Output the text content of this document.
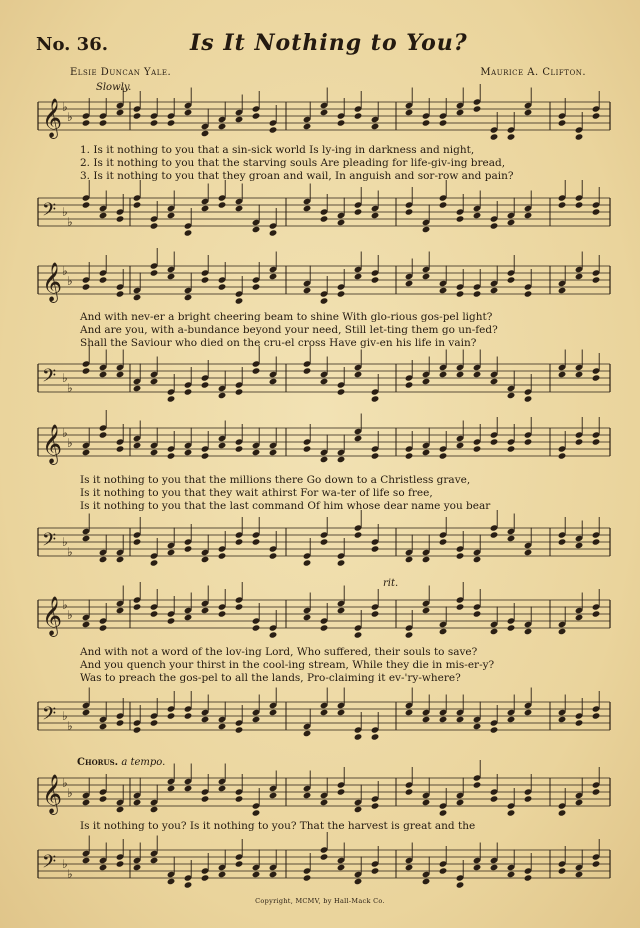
No. 36.	Is It Nothing to You?
Elsie Duncan Yale.	Maurice A. Clifton.
Slowly.
𝄞 ♭
♭
1. Is it nothing to you that a sin-sick world Is ly-ing in darkness and night,
2. Is it nothing to you that the starving souls Are pleading for life-giv-ing bread,
3. Is it nothing to you that they groan and wail, In anguish and sor-row and pain?
𝄢 ♭
♭
𝄞 ♭
♭
And with nev-er a bright cheering beam to shine With glo-rious gos-pel light?
And are you, with a-bundance beyond your need, Still let-ting them go un-fed?
Shall the Saviour who died on the cru-el cross Have giv-en his life in vain?
𝄢 ♭
♭
𝄞 ♭
♭
Is it nothing to you that the millions there Go down to a Christless grave,
Is it nothing to you that they wait athirst For wa-ter of life so free,
Is it nothing to you that the last command Of him whose dear name you bear
𝄢 ♭
♭
rit.
𝄞 ♭
♭
And with not a word of the lov-ing Lord, Who suffered, their souls to save?
And you quench your thirst in the cool-ing stream, While they die in mis-er-y?
Was to preach the gos-pel to all the lands, Pro-claiming it ev-'ry-where?
𝄢 ♭
♭
Chorus. a tempo.
𝄞 ♭
♭
Is it nothing to you? Is it nothing to you? That the harvest is great and the
𝄢 ♭
♭
Copyright, MCMV, by Hall-Mack Co.
